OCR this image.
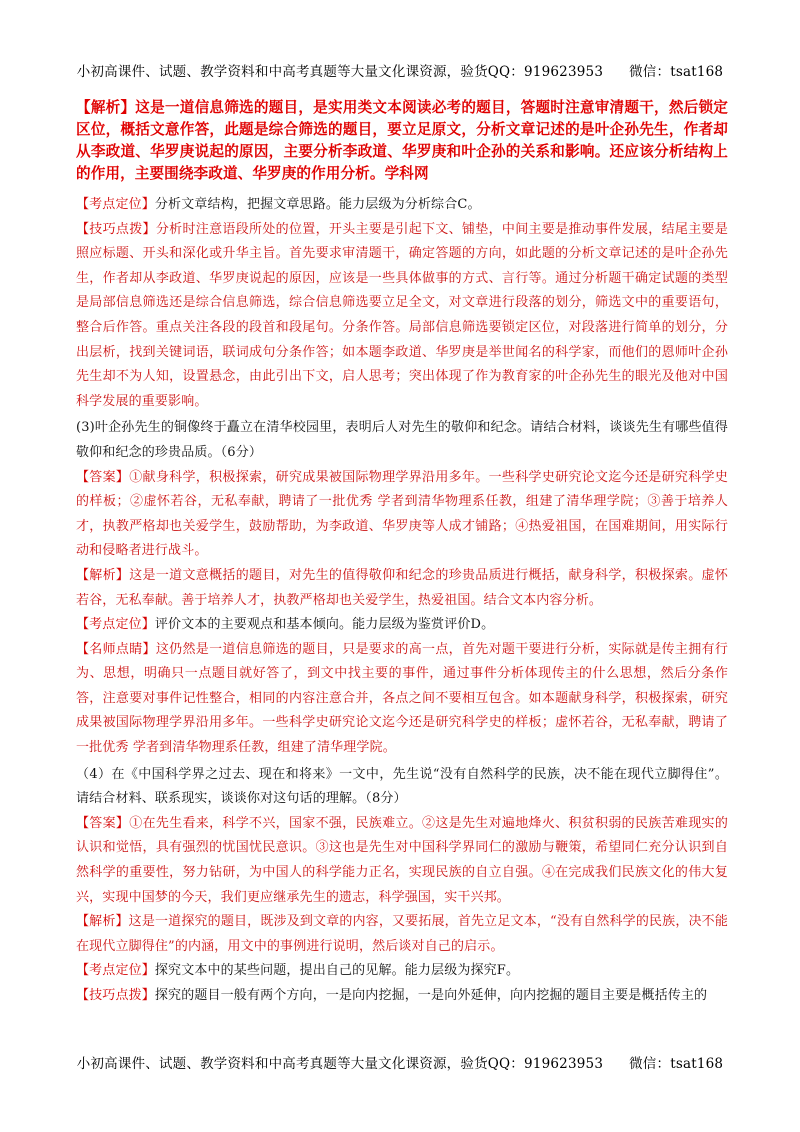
小初高课件、试题、教学资料和中高考真题等大量文化课资源，验货QQ：919623953 微信：tsat168

【解析】这是一道信息筛选的题目，是实用类文本阅读必考的题目，答题时注意审清题干，然后锁定区位，概括文意作答，此题是综合筛选的题目，要立足原文，分析文章记述的是叶企孙先生，作者却从李政道、华罗庚说起的原因，主要分析李政道、华罗庚和叶企孙的关系和影响。还应该分析结构上的作用，主要围绕李政道、华罗庚的作用分析。学科网

【考点定位】分析文章结构，把握文章思路。能力层级为分析综合C。

【技巧点拨】分析时注意语段所处的位置，开头主要是引起下文、铺垫，中间主要是推动事件发展，结尾主要是照应标题、开头和深化或升华主旨。首先要求审清题干，确定答题的方向，如此题的分析文章记述的是叶企孙先生，作者却从李政道、华罗庚说起的原因，应该是一些具体做事的方式、言行等。通过分析题干确定试题的类型是局部信息筛选还是综合信息筛选，综合信息筛选要立足全文，对文章进行段落的划分，筛选文中的重要语句，整合后作答。重点关注各段的段首和段尾句。分条作答。局部信息筛选要锁定区位，对段落进行简单的划分，分出层析，找到关键词语，联词成句分条作答；如本题李政道、华罗庚是举世闻名的科学家，而他们的恩师叶企孙先生却不为人知，设置悬念，由此引出下文，启人思考；突出体现了作为教育家的叶企孙先生的眼光及他对中国科学发展的重要影响。

(3)叶企孙先生的铜像终于矗立在清华校园里，表明后人对先生的敬仰和纪念。请结合材料，谈谈先生有哪些值得敬仰和纪念的珍贵品质。（6分）

【答案】①献身科学，积极探索，研究成果被国际物理学界沿用多年。一些科学史研究论文迄今还是研究科学史的样板；②虚怀若谷，无私奉献，聘请了一批优秀 学者到清华物理系任教，组建了清华理学院；③善于培养人才，执教严格却也关爱学生，鼓励帮助，为李政道、华罗庚等人成才铺路；④热爱祖国，在国难期间，用实际行动和侵略者进行战斗。

【解析】这是一道文意概括的题目，对先生的值得敬仰和纪念的珍贵品质进行概括，献身科学，积极探索。虚怀若谷，无私奉献。善于培养人才，执教严格却也关爱学生，热爱祖国。结合文本内容分析。

【考点定位】评价文本的主要观点和基本倾向。能力层级为鉴赏评价D。

【名师点睛】这仍然是一道信息筛选的题目，只是要求的高一点，首先对题干要进行分析，实际就是传主拥有行为、思想，明确只一点题目就好答了，到文中找主要的事件，通过事件分析体现传主的什么思想，然后分条作答，注意要对事件记性整合，相同的内容注意合并，各点之间不要相互包含。如本题献身科学，积极探索，研究成果被国际物理学界沿用多年。一些科学史研究论文迄今还是研究科学史的样板；虚怀若谷，无私奉献，聘请了一批优秀 学者到清华物理系任教，组建了清华理学院。

（4）在《中国科学界之过去、现在和将来》一文中，先生说“没有自然科学的民族，决不能在现代立脚得住”。请结合材料、联系现实，谈谈你对这句话的理解。（8分）

【答案】①在先生看来，科学不兴，国家不强，民族难立。②这是先生对遍地烽火、积贫积弱的民族苦难现实的认识和觉悟，具有强烈的忧国忧民意识。③这也是先生对中国科学界同仁的激励与鞭策，希望同仁充分认识到自然科学的重要性，努力钻研，为中国人的科学能力正名，实现民族的自立自强。④在完成我们民族文化的伟大复兴，实现中国梦的今天，我们更应继承先生的遗志，科学强国，实干兴邦。

【解析】这是一道探究的题目，既涉及到文章的内容，又要拓展，首先立足文本，“没有自然科学的民族，决不能在现代立脚得住”的内涵，用文中的事例进行说明，然后谈对自己的启示。

【考点定位】探究文本中的某些问题，提出自己的见解。能力层级为探究F。

【技巧点拨】探究的题目一般有两个方向，一是向内挖掘，一是向外延伸，向内挖掘的题目主要是概括传主的

小初高课件、试题、教学资料和中高考真题等大量文化课资源，验货QQ：919623953 微信：tsat168
